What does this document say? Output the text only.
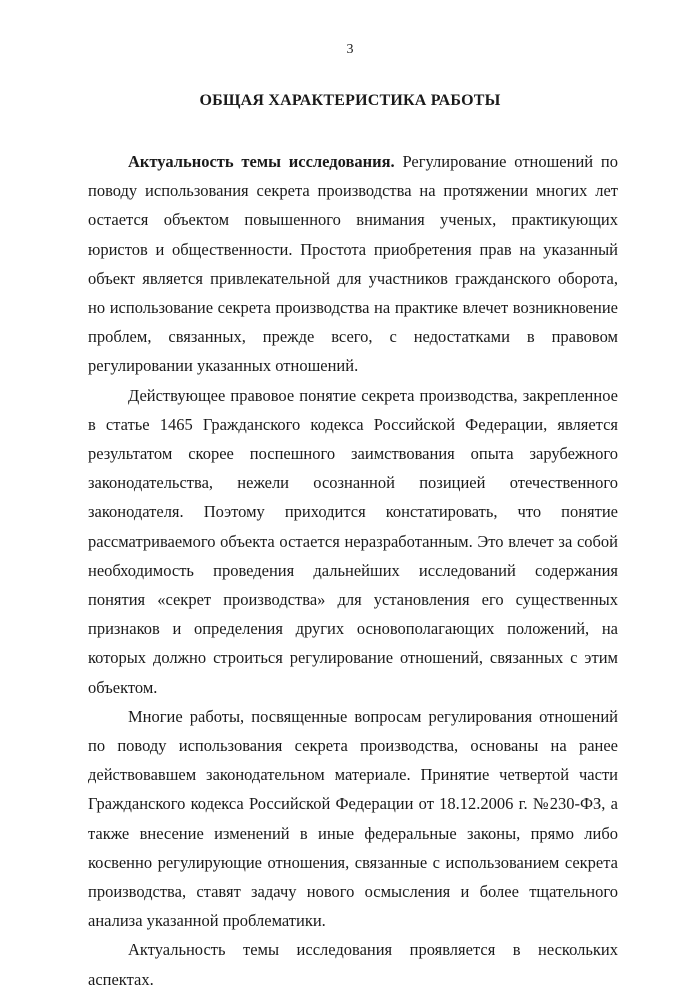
3
ОБЩАЯ ХАРАКТЕРИСТИКА РАБОТЫ

Актуальность темы исследования. Регулирование отношений по поводу использования секрета производства на протяжении многих лет остается объектом повышенного внимания ученых, практикующих юристов и общественности. Простота приобретения прав на указанный объект является привлекательной для участников гражданского оборота, но использование секрета производства на практике влечет возникновение проблем, связанных, прежде всего, с недостатками в правовом регулировании указанных отношений.

Действующее правовое понятие секрета производства, закрепленное в статье 1465 Гражданского кодекса Российской Федерации, является результатом скорее поспешного заимствования опыта зарубежного законодательства, нежели осознанной позицией отечественного законодателя. Поэтому приходится констатировать, что понятие рассматриваемого объекта остается неразработанным. Это влечет за собой необходимость проведения дальнейших исследований содержания понятия «секрет производства» для установления его существенных признаков и определения других основополагающих положений, на которых должно строиться регулирование отношений, связанных с этим объектом.

Многие работы, посвященные вопросам регулирования отношений по поводу использования секрета производства, основаны на ранее действовавшем законодательном материале. Принятие четвертой части Гражданского кодекса Российской Федерации от 18.12.2006 г. №230-ФЗ, а также внесение изменений в иные федеральные законы, прямо либо косвенно регулирующие отношения, связанные с использованием секрета производства, ставят задачу нового осмысления и более тщательного анализа указанной проблематики.

Актуальность темы исследования проявляется в нескольких аспектах.
